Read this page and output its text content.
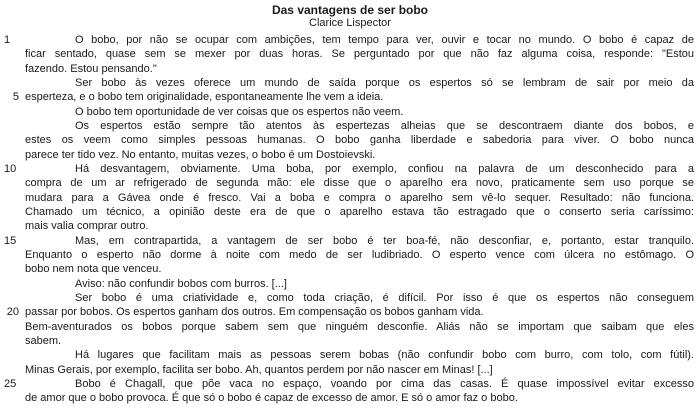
Das vantagens de ser bobo
Clarice Lispector
1	O bobo, por não se ocupar com ambições, tem tempo para ver, ouvir e tocar no mundo. O bobo é capaz de
ficar sentado, quase sem se mexer por duas horas. Se perguntado por que não faz alguma coisa, responde: "Estou
fazendo. Estou pensando."
Ser bobo às vezes oferece um mundo de saída porque os espertos só se lembram de sair por meio da
5 esperteza, e o bobo tem originalidade, espontaneamente lhe vem a ideia.
O bobo tem oportunidade de ver coisas que os espertos não veem.
Os espertos estão sempre tão atentos às espertezas alheias que se descontraem diante dos bobos, e
estes os veem como simples pessoas humanas. O bobo ganha liberdade e sabedoria para viver. O bobo nunca
parece ter tido vez. No entanto, muitas vezes, o bobo é um Dostoievski.
10	Há desvantagem, obviamente. Uma boba, por exemplo, confiou na palavra de um desconhecido para a
compra de um ar refrigerado de segunda mão: ele disse que o aparelho era novo, praticamente sem uso porque se
mudara para a Gávea onde é fresco. Vai a boba e compra o aparelho sem vê-lo sequer. Resultado: não funciona.
Chamado um técnico, a opinião deste era de que o aparelho estava tão estragado que o conserto seria caríssimo:
mais valia comprar outro.
15	Mas, em contrapartida, a vantagem de ser bobo é ter boa-fé, não desconfiar, e, portanto, estar tranquilo.
Enquanto o esperto não dorme à noite com medo de ser ludibriado. O esperto vence com úlcera no estômago. O
bobo nem nota que venceu.
Aviso: não confundir bobos com burros. [...]
Ser bobo é uma criatividade e, como toda criação, é difícil. Por isso é que os espertos não conseguem
20 passar por bobos. Os espertos ganham dos outros. Em compensação os bobos ganham vida.
Bem-aventurados os bobos porque sabem sem que ninguém desconfie. Aliás não se importam que saibam que eles
sabem.
Há lugares que facilitam mais as pessoas serem bobas (não confundir bobo com burro, com tolo, com fútil).
Minas Gerais, por exemplo, facilita ser bobo. Ah, quantos perdem por não nascer em Minas! [...]
25	Bobo é Chagall, que põe vaca no espaço, voando por cima das casas. É quase impossível evitar excesso
de amor que o bobo provoca. É que só o bobo é capaz de excesso de amor. E só o amor faz o bobo.
